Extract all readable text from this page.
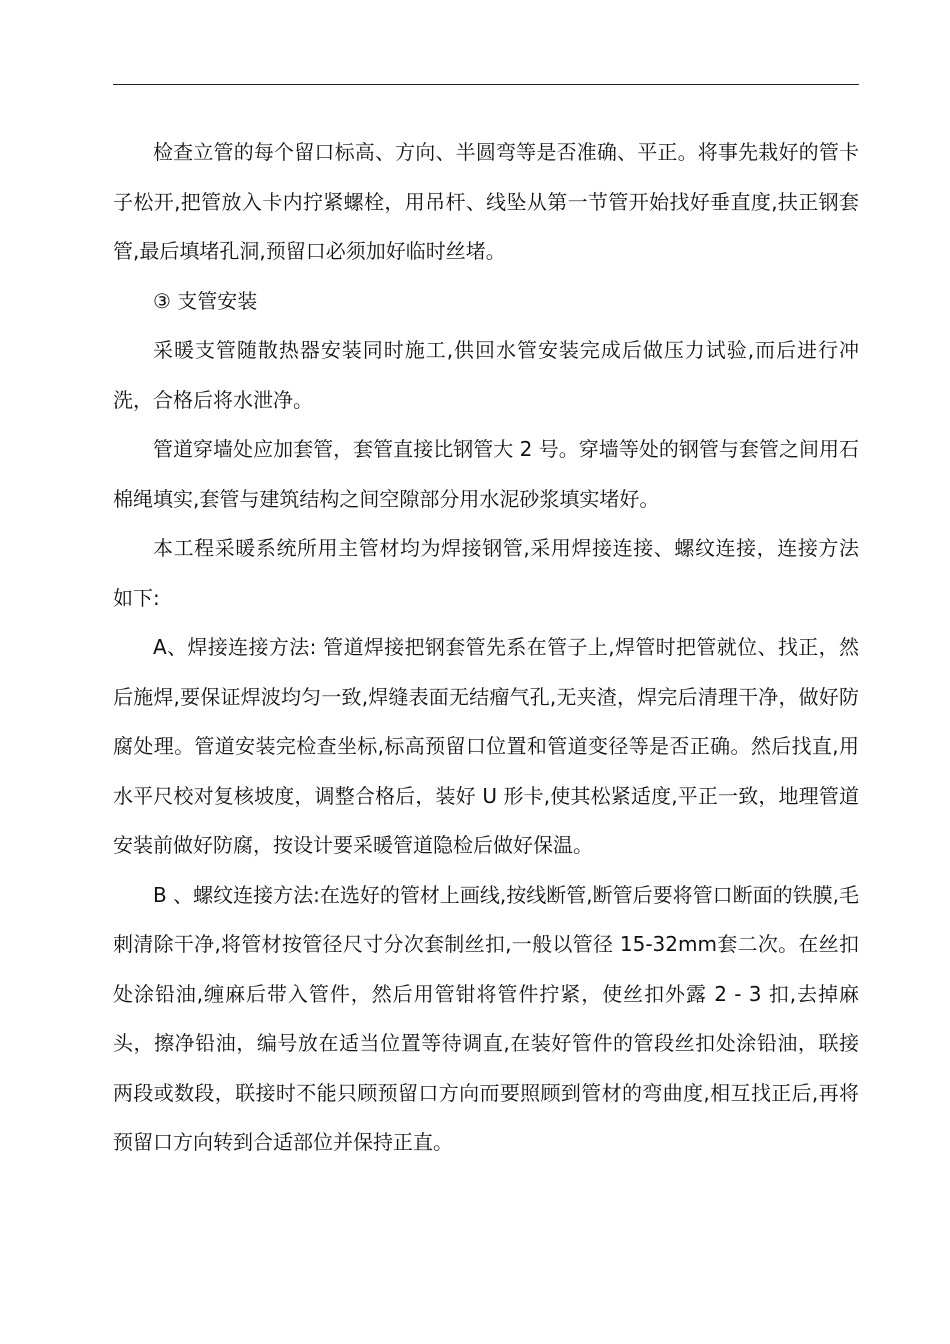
检查立管的每个留口标高、方向、半圆弯等是否准确、平正。将事先栽好的管卡子松开,把管放入卡内拧紧螺栓，用吊杆、线坠从第一节管开始找好垂直度,扶正钢套管,最后填堵孔洞,预留口必须加好临时丝堵。

③ 支管安装

采暖支管随散热器安装同时施工,供回水管安装完成后做压力试验,而后进行冲洗，合格后将水泄净。

管道穿墙处应加套管，套管直接比钢管大 2 号。穿墙等处的钢管与套管之间用石棉绳填实,套管与建筑结构之间空隙部分用水泥砂浆填实堵好。

本工程采暖系统所用主管材均为焊接钢管,采用焊接连接、螺纹连接，连接方法如下:

A、焊接连接方法: 管道焊接把钢套管先系在管子上,焊管时把管就位、找正，然后施焊,要保证焊波均匀一致,焊缝表面无结瘤气孔,无夹渣，焊完后清理干净，做好防腐处理。管道安装完检查坐标,标高预留口位置和管道变径等是否正确。然后找直,用水平尺校对复核坡度，调整合格后，装好 U 形卡,使其松紧适度,平正一致，地理管道安装前做好防腐，按设计要采暖管道隐检后做好保温。

B 、螺纹连接方法:在选好的管材上画线,按线断管,断管后要将管口断面的铁膜,毛刺清除干净,将管材按管径尺寸分次套制丝扣,一般以管径 15-32mm套二次。在丝扣处涂铅油,缠麻后带入管件，然后用管钳将管件拧紧，使丝扣外露 2 - 3 扣,去掉麻头，擦净铅油，编号放在适当位置等待调直,在装好管件的管段丝扣处涂铅油，联接两段或数段，联接时不能只顾预留口方向而要照顾到管材的弯曲度,相互找正后,再将预留口方向转到合适部位并保持正直。
